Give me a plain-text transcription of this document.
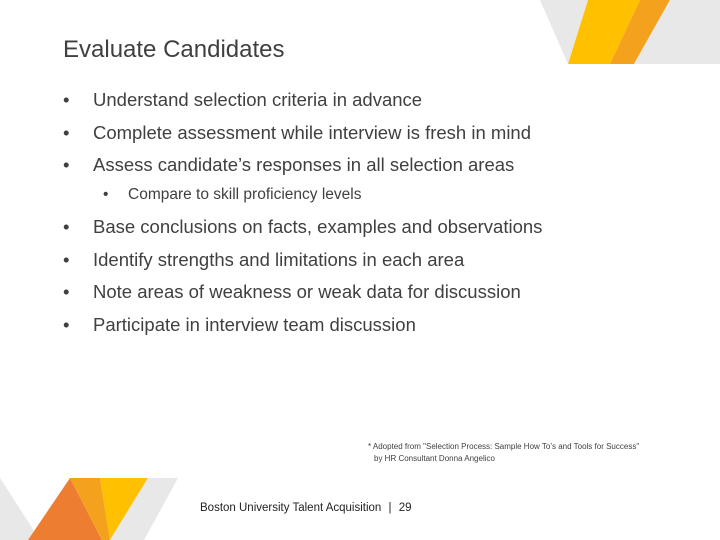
Evaluate Candidates
•	Understand selection criteria in advance
•	Complete assessment while interview is fresh in mind
•	Assess candidate’s responses in all selection areas
• Compare to skill proficiency levels
•	Base conclusions on facts, examples and observations
•	Identify strengths and limitations in each area
•	Note areas of weakness or weak data for discussion
•	Participate in interview team discussion
* Adopted from "Selection Process: Sample How To’s and Tools for Success"
by HR Consultant Donna Angelico
Boston University Talent Acquisition | 29
